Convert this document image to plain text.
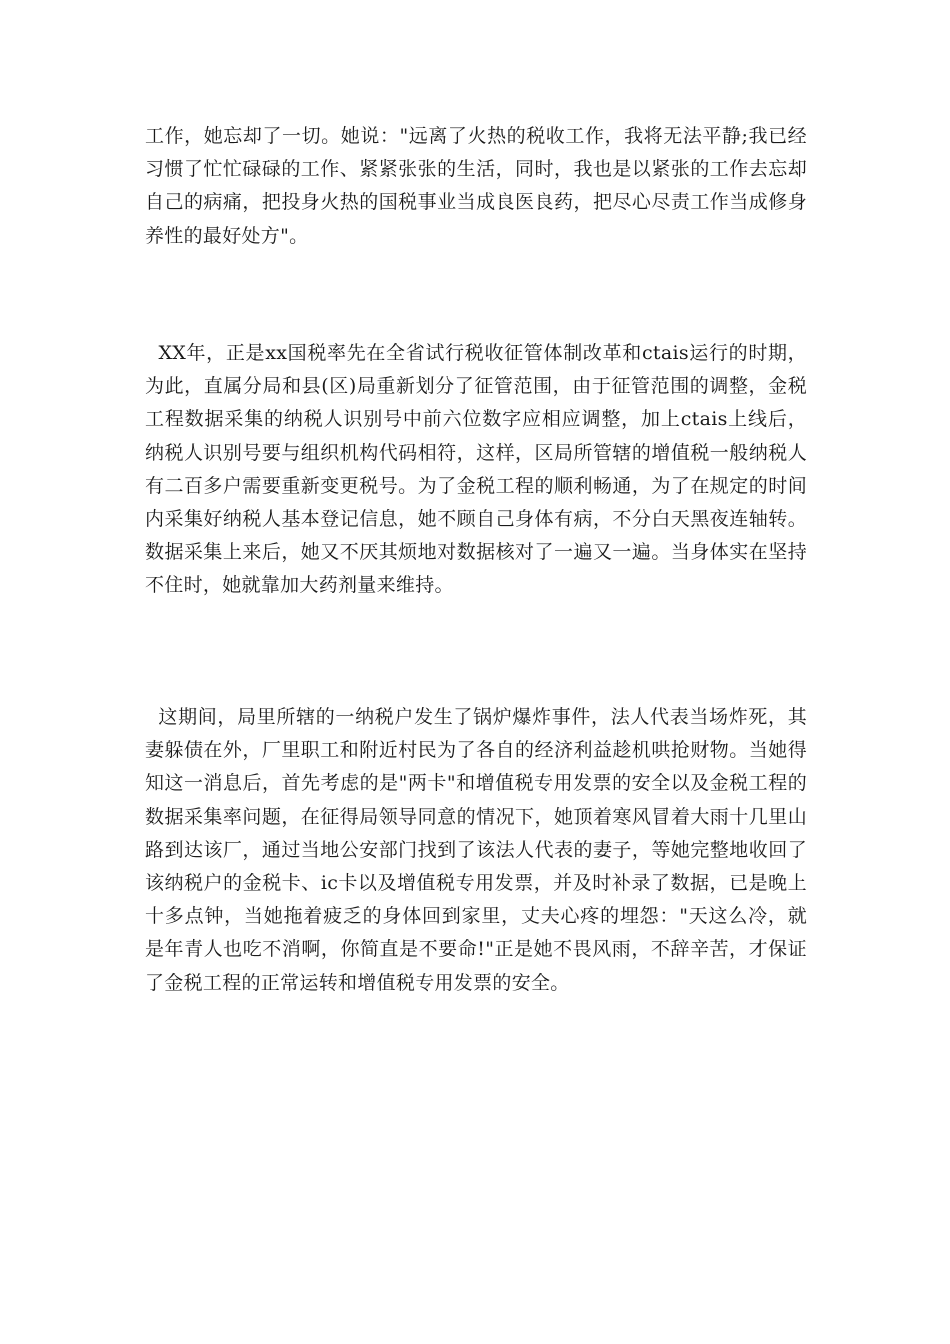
工作，她忘却了一切。她说："远离了火热的税收工作，我将无法平静;我已经习惯了忙忙碌碌的工作、紧紧张张的生活，同时，我也是以紧张的工作去忘却自己的病痛，把投身火热的国税事业当成良医良药，把尽心尽责工作当成修身养性的最好处方"。

XX年，正是xx国税率先在全省试行税收征管体制改革和ctais运行的时期，为此，直属分局和县(区)局重新划分了征管范围，由于征管范围的调整，金税工程数据采集的纳税人识别号中前六位数字应相应调整，加上ctais上线后，纳税人识别号要与组织机构代码相符，这样，区局所管辖的增值税一般纳税人有二百多户需要重新变更税号。为了金税工程的顺利畅通，为了在规定的时间内采集好纳税人基本登记信息，她不顾自己身体有病，不分白天黑夜连轴转。数据采集上来后，她又不厌其烦地对数据核对了一遍又一遍。当身体实在坚持不住时，她就靠加大药剂量来维持。

这期间，局里所辖的一纳税户发生了锅炉爆炸事件，法人代表当场炸死，其妻躲债在外，厂里职工和附近村民为了各自的经济利益趁机哄抢财物。当她得知这一消息后，首先考虑的是"两卡"和增值税专用发票的安全以及金税工程的数据采集率问题，在征得局领导同意的情况下，她顶着寒风冒着大雨十几里山路到达该厂，通过当地公安部门找到了该法人代表的妻子，等她完整地收回了该纳税户的金税卡、ic卡以及增值税专用发票，并及时补录了数据，已是晚上十多点钟，当她拖着疲乏的身体回到家里，丈夫心疼的埋怨："天这么冷，就是年青人也吃不消啊，你简直是不要命!"正是她不畏风雨，不辞辛苦，才保证了金税工程的正常运转和增值税专用发票的安全。
